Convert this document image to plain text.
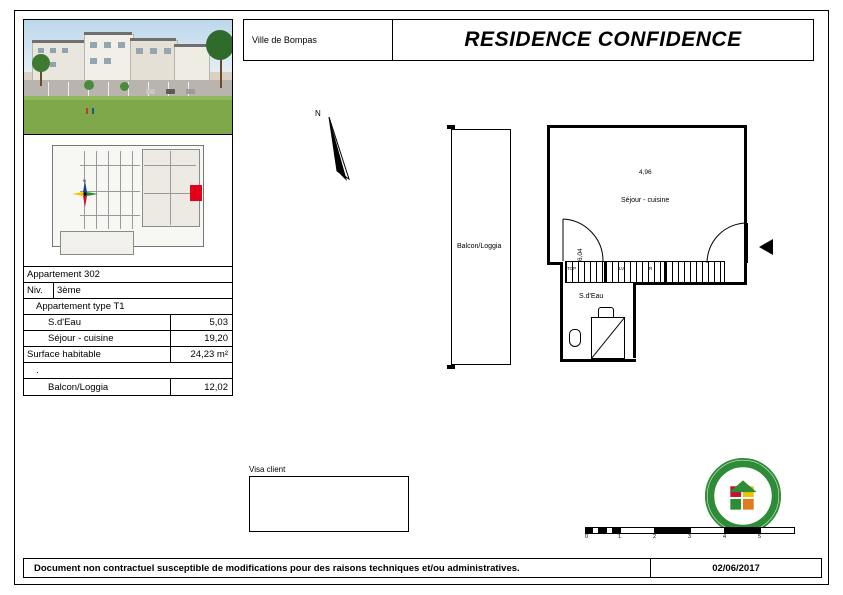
N
Appartement 302
Niv.	3ème
Appartement type T1
S.d'Eau	5,03
Séjour - cuisine	19,20
Surface habitable	24,23 m²
.
Balcon/Loggia	12,02
Ville de Bompas	RESIDENCE CONFIDENCE
N
Balcon/Loggia
TOP	LV	R
4,96
Séjour - cuisine
6,04
S.d'Eau
Visa client
BBC
0	1	2	3	4	5
Document non contractuel susceptible de modifications pour des raisons techniques et/ou administratives.	02/06/2017
